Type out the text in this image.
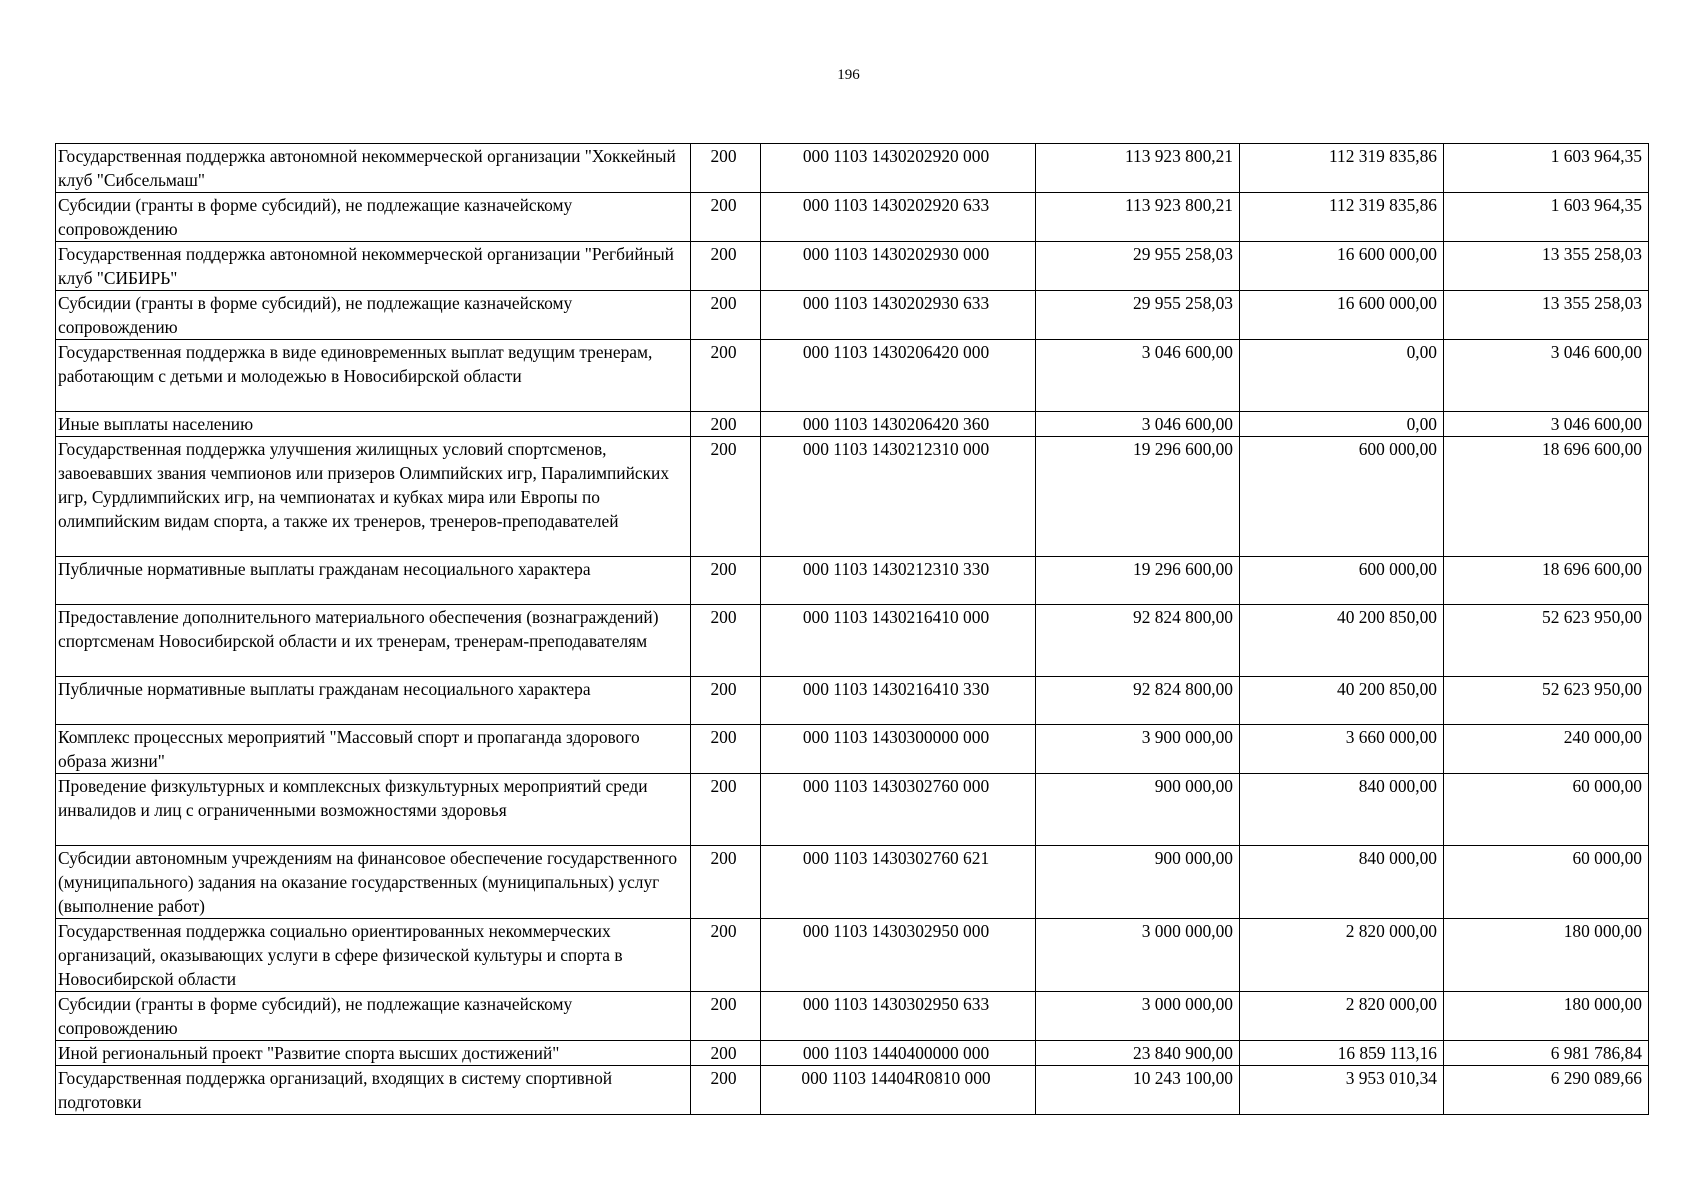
196
Государственная поддержка автономной некоммерческой организации "Хоккейный клуб "Сибсельмаш"	200	000 1103 1430202920 000	113 923 800,21	112 319 835,86	1 603 964,35
Субсидии (гранты в форме субсидий), не подлежащие казначейскому сопровождению	200	000 1103 1430202920 633	113 923 800,21	112 319 835,86	1 603 964,35
Государственная поддержка автономной некоммерческой организации "Регбийный клуб "СИБИРЬ"	200	000 1103 1430202930 000	29 955 258,03	16 600 000,00	13 355 258,03
Субсидии (гранты в форме субсидий), не подлежащие казначейскому сопровождению	200	000 1103 1430202930 633	29 955 258,03	16 600 000,00	13 355 258,03
Государственная поддержка в виде единовременных выплат ведущим тренерам, работающим с детьми и молодежью в Новосибирской области	200	000 1103 1430206420 000	3 046 600,00	0,00	3 046 600,00
Иные выплаты населению	200	000 1103 1430206420 360	3 046 600,00	0,00	3 046 600,00
Государственная поддержка улучшения жилищных условий спортсменов, завоевавших звания чемпионов или призеров Олимпийских игр, Паралимпийских игр, Сурдлимпийских игр, на чемпионатах и кубках мира или Европы по олимпийским видам спорта, а также их тренеров, тренеров-преподавателей	200	000 1103 1430212310 000	19 296 600,00	600 000,00	18 696 600,00
Публичные нормативные выплаты гражданам несоциального характера	200	000 1103 1430212310 330	19 296 600,00	600 000,00	18 696 600,00
Предоставление дополнительного материального обеспечения (вознаграждений) спортсменам Новосибирской области и их тренерам, тренерам-преподавателям	200	000 1103 1430216410 000	92 824 800,00	40 200 850,00	52 623 950,00
Публичные нормативные выплаты гражданам несоциального характера	200	000 1103 1430216410 330	92 824 800,00	40 200 850,00	52 623 950,00
Комплекс процессных мероприятий "Массовый спорт и пропаганда здорового образа жизни"	200	000 1103 1430300000 000	3 900 000,00	3 660 000,00	240 000,00
Проведение физкультурных и комплексных физкультурных мероприятий среди инвалидов и лиц с ограниченными возможностями здоровья	200	000 1103 1430302760 000	900 000,00	840 000,00	60 000,00
Субсидии автономным учреждениям на финансовое обеспечение государственного (муниципального) задания на оказание государственных (муниципальных) услуг (выполнение работ)	200	000 1103 1430302760 621	900 000,00	840 000,00	60 000,00
Государственная поддержка социально ориентированных некоммерческих организаций, оказывающих услуги в сфере физической культуры и спорта в Новосибирской области	200	000 1103 1430302950 000	3 000 000,00	2 820 000,00	180 000,00
Субсидии (гранты в форме субсидий), не подлежащие казначейскому сопровождению	200	000 1103 1430302950 633	3 000 000,00	2 820 000,00	180 000,00
Иной региональный проект "Развитие спорта высших достижений"	200	000 1103 1440400000 000	23 840 900,00	16 859 113,16	6 981 786,84
Государственная поддержка организаций, входящих в систему спортивной подготовки	200	000 1103 14404R0810 000	10 243 100,00	3 953 010,34	6 290 089,66
